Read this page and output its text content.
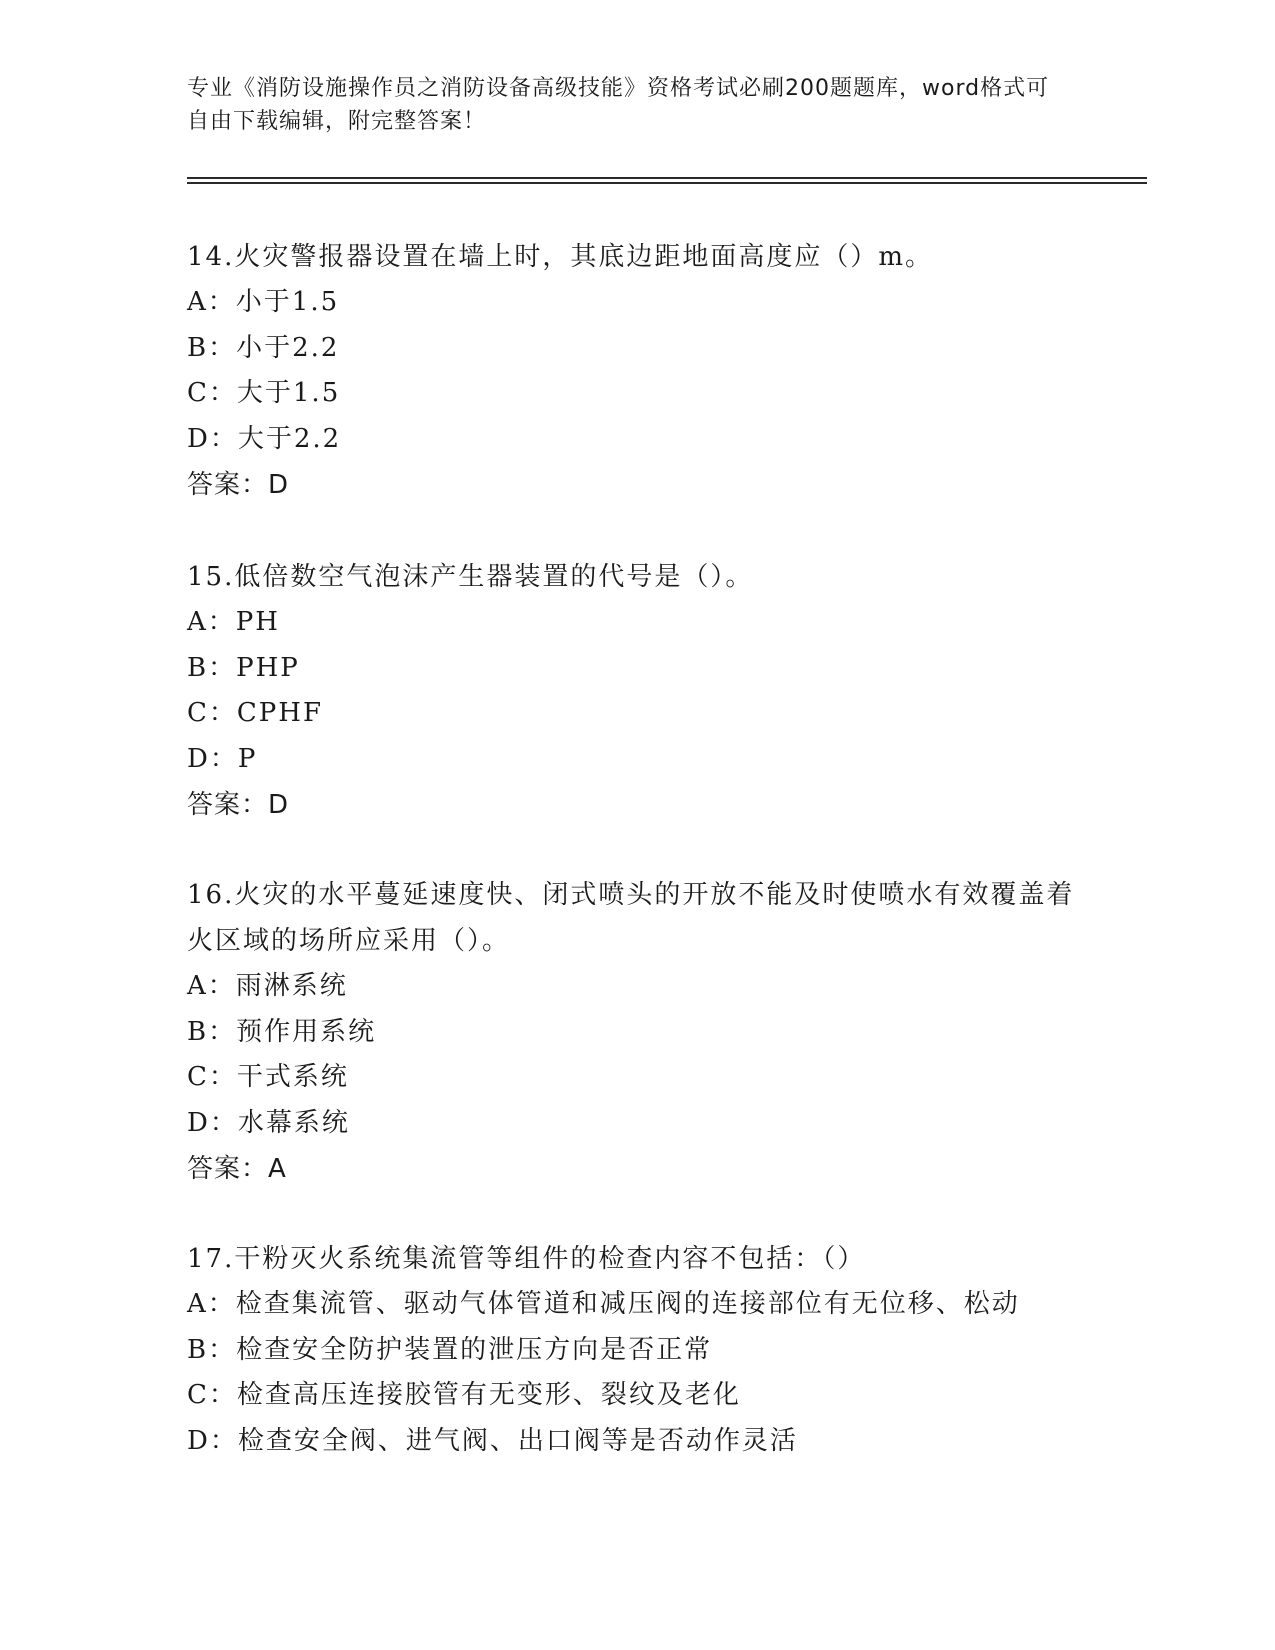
专业《消防设施操作员之消防设备高级技能》资格考试必刷200题题库，word格式可自由下载编辑，附完整答案！

14.火灾警报器设置在墙上时，其底边距地面高度应（）m。

A：小于1.5

B：小于2.2

C：大于1.5

D：大于2.2

答案：D

15.低倍数空气泡沫产生器装置的代号是（）。

A：PH

B：PHP

C：CPHF

D：P

答案：D

16.火灾的水平蔓延速度快、闭式喷头的开放不能及时使喷水有效覆盖着火区域的场所应采用（）。

A：雨淋系统

B：预作用系统

C：干式系统

D：水幕系统

答案：A

17.干粉灭火系统集流管等组件的检查内容不包括：（）

A：检查集流管、驱动气体管道和减压阀的连接部位有无位移、松动

B：检查安全防护装置的泄压方向是否正常

C：检查高压连接胶管有无变形、裂纹及老化

D：检查安全阀、进气阀、出口阀等是否动作灵活
